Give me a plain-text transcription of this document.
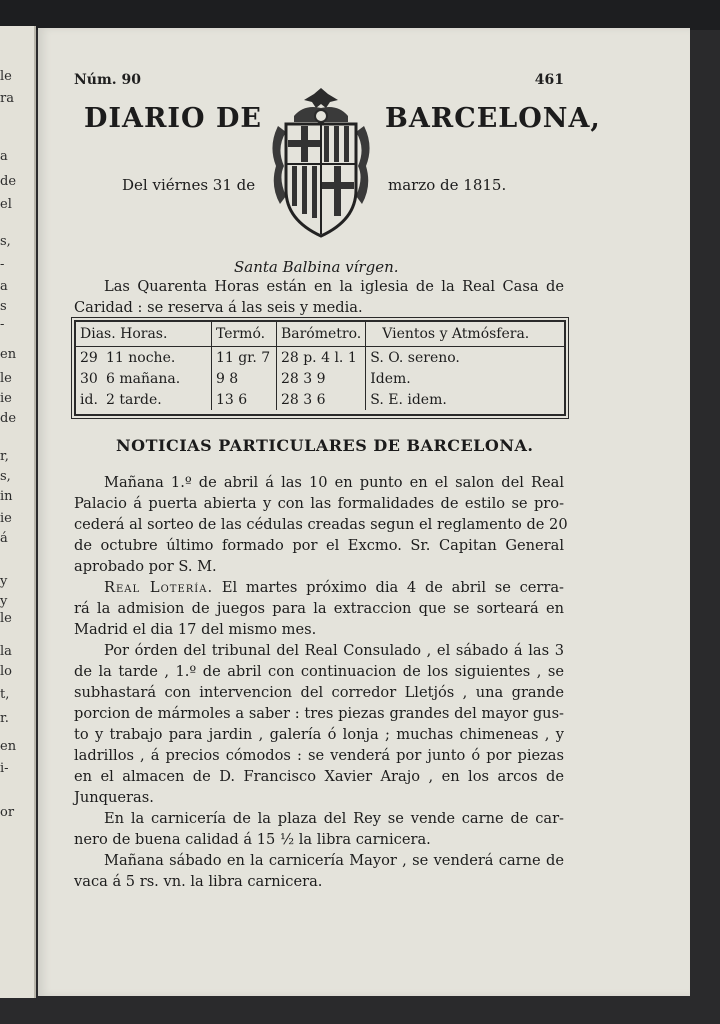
le
ra
a
de
el
s,
-
a
s
-
en
le
ie
de
r,
s,
in
ie
á
y
y
le
la
lo
t,
r.
en
i-
or
Núm. 90	461
DIARIO DE	BARCELONA,
Del viérnes 31 de	marzo de 1815.
Santa Balbina vírgen.
Las Quarenta Horas están en la iglesia de la Real Casa de
Caridad : se reserva á las seis y media.
Dias. Horas.		Termó.	Barómetro.	Vientos y Atmósfera.
29	11 noche.	11 gr. 7	28 p. 4 l. 1	S. O. sereno.
30	6 mañana.	9 8	28 3 9	Idem.
id.	2 tarde.	13 6	28 3 6	S. E. idem.
NOTICIAS PARTICULARES DE BARCELONA.
Mañana 1.º de abril á las 10 en punto en el salon del Real
Palacio á puerta abierta y con las formalidades de estilo se pro-
cederá al sorteo de las cédulas creadas segun el reglamento de 20
de octubre último formado por el Excmo. Sr. Capitan General
aprobado por S. M.
Real Lotería. El martes próximo dia 4 de abril se cerra-
rá la admision de juegos para la extraccion que se sorteará en
Madrid el dia 17 del mismo mes.
Por órden del tribunal del Real Consulado , el sábado á las 3
de la tarde , 1.º de abril con continuacion de los siguientes , se
subhastará con intervencion del corredor Lletjós , una grande
porcion de mármoles a saber : tres piezas grandes del mayor gus-
to y trabajo para jardin , galería ó lonja ; muchas chimeneas , y
ladrillos , á precios cómodos : se venderá por junto ó por piezas
en el almacen de D. Francisco Xavier Arajo , en los arcos de
Junqueras.
En la carnicería de la plaza del Rey se vende carne de car-
nero de buena calidad á 15 ½ la libra carnicera.
Mañana sábado en la carnicería Mayor , se venderá carne de
vaca á 5 rs. vn. la libra carnicera.
